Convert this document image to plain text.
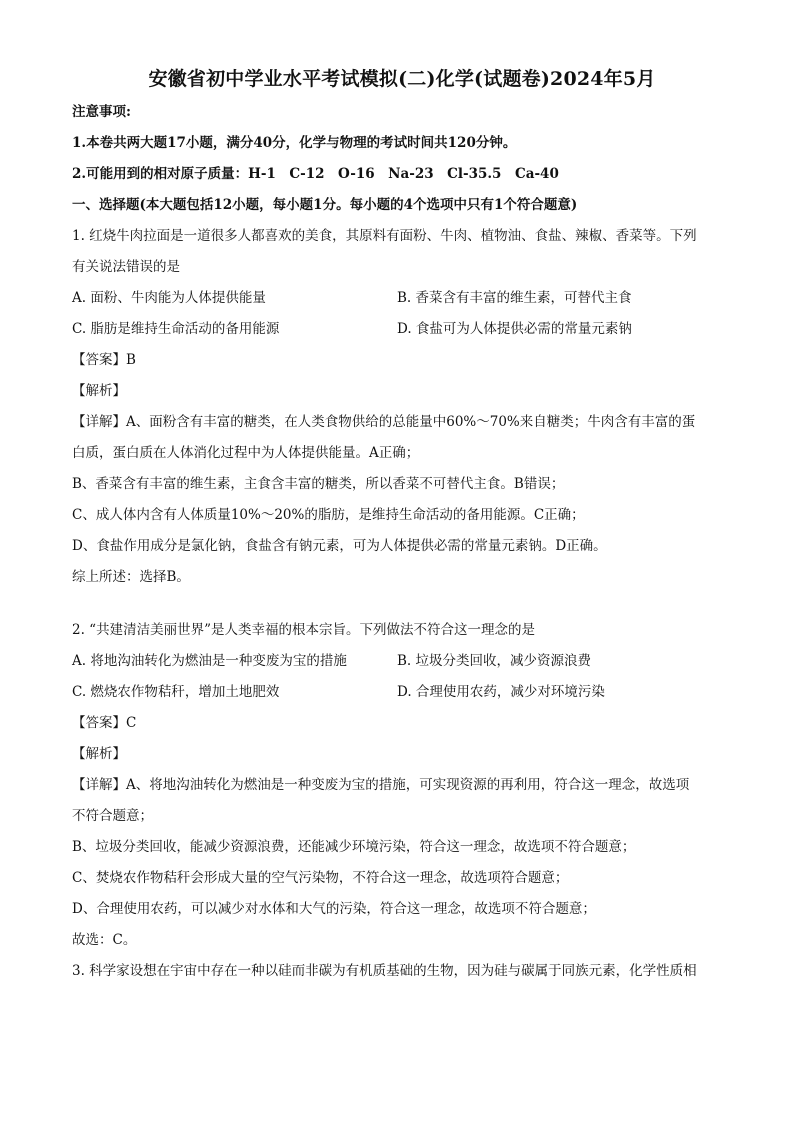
安徽省初中学业水平考试模拟(二)化学(试题卷)2024年5月
注意事项:
1.本卷共两大题17小题，满分40分，化学与物理的考试时间共120分钟。
2.可能用到的相对原子质量：H-1　C-12　O-16　Na-23　Cl-35.5　Ca-40
一、选择题(本大题包括12小题，每小题1分。每小题的4个选项中只有1个符合题意)
1. 红烧牛肉拉面是一道很多人都喜欢的美食，其原料有面粉、牛肉、植物油、食盐、辣椒、香菜等。下列
有关说法错误的是
A. 面粉、牛肉能为人体提供能量	B. 香菜含有丰富的维生素，可替代主食
C. 脂肪是维持生命活动的备用能源	D. 食盐可为人体提供必需的常量元素钠
【答案】B
【解析】
【详解】A、面粉含有丰富的糖类，在人类食物供给的总能量中60%～70%来自糖类；牛肉含有丰富的蛋
白质，蛋白质在人体消化过程中为人体提供能量。A正确；
B、香菜含有丰富的维生素，主食含丰富的糖类，所以香菜不可替代主食。B错误；
C、成人体内含有人体质量10%～20%的脂肪，是维持生命活动的备用能源。C正确；
D、食盐作用成分是氯化钠，食盐含有钠元素，可为人体提供必需的常量元素钠。D正确。
综上所述：选择B。
2. “共建清洁美丽世界”是人类幸福的根本宗旨。下列做法不符合这一理念的是
A. 将地沟油转化为燃油是一种变废为宝的措施	B. 垃圾分类回收，减少资源浪费
C. 燃烧农作物秸秆，增加土地肥效	D. 合理使用农药，减少对环境污染
【答案】C
【解析】
【详解】A、将地沟油转化为燃油是一种变废为宝的措施，可实现资源的再利用，符合这一理念，故选项
不符合题意；
B、垃圾分类回收，能减少资源浪费，还能减少环境污染，符合这一理念，故选项不符合题意；
C、焚烧农作物秸秆会形成大量的空气污染物，不符合这一理念，故选项符合题意；
D、合理使用农药，可以减少对水体和大气的污染，符合这一理念，故选项不符合题意；
故选：C。
3. 科学家设想在宇宙中存在一种以硅而非碳为有机质基础的生物，因为硅与碳属于同族元素，化学性质相
